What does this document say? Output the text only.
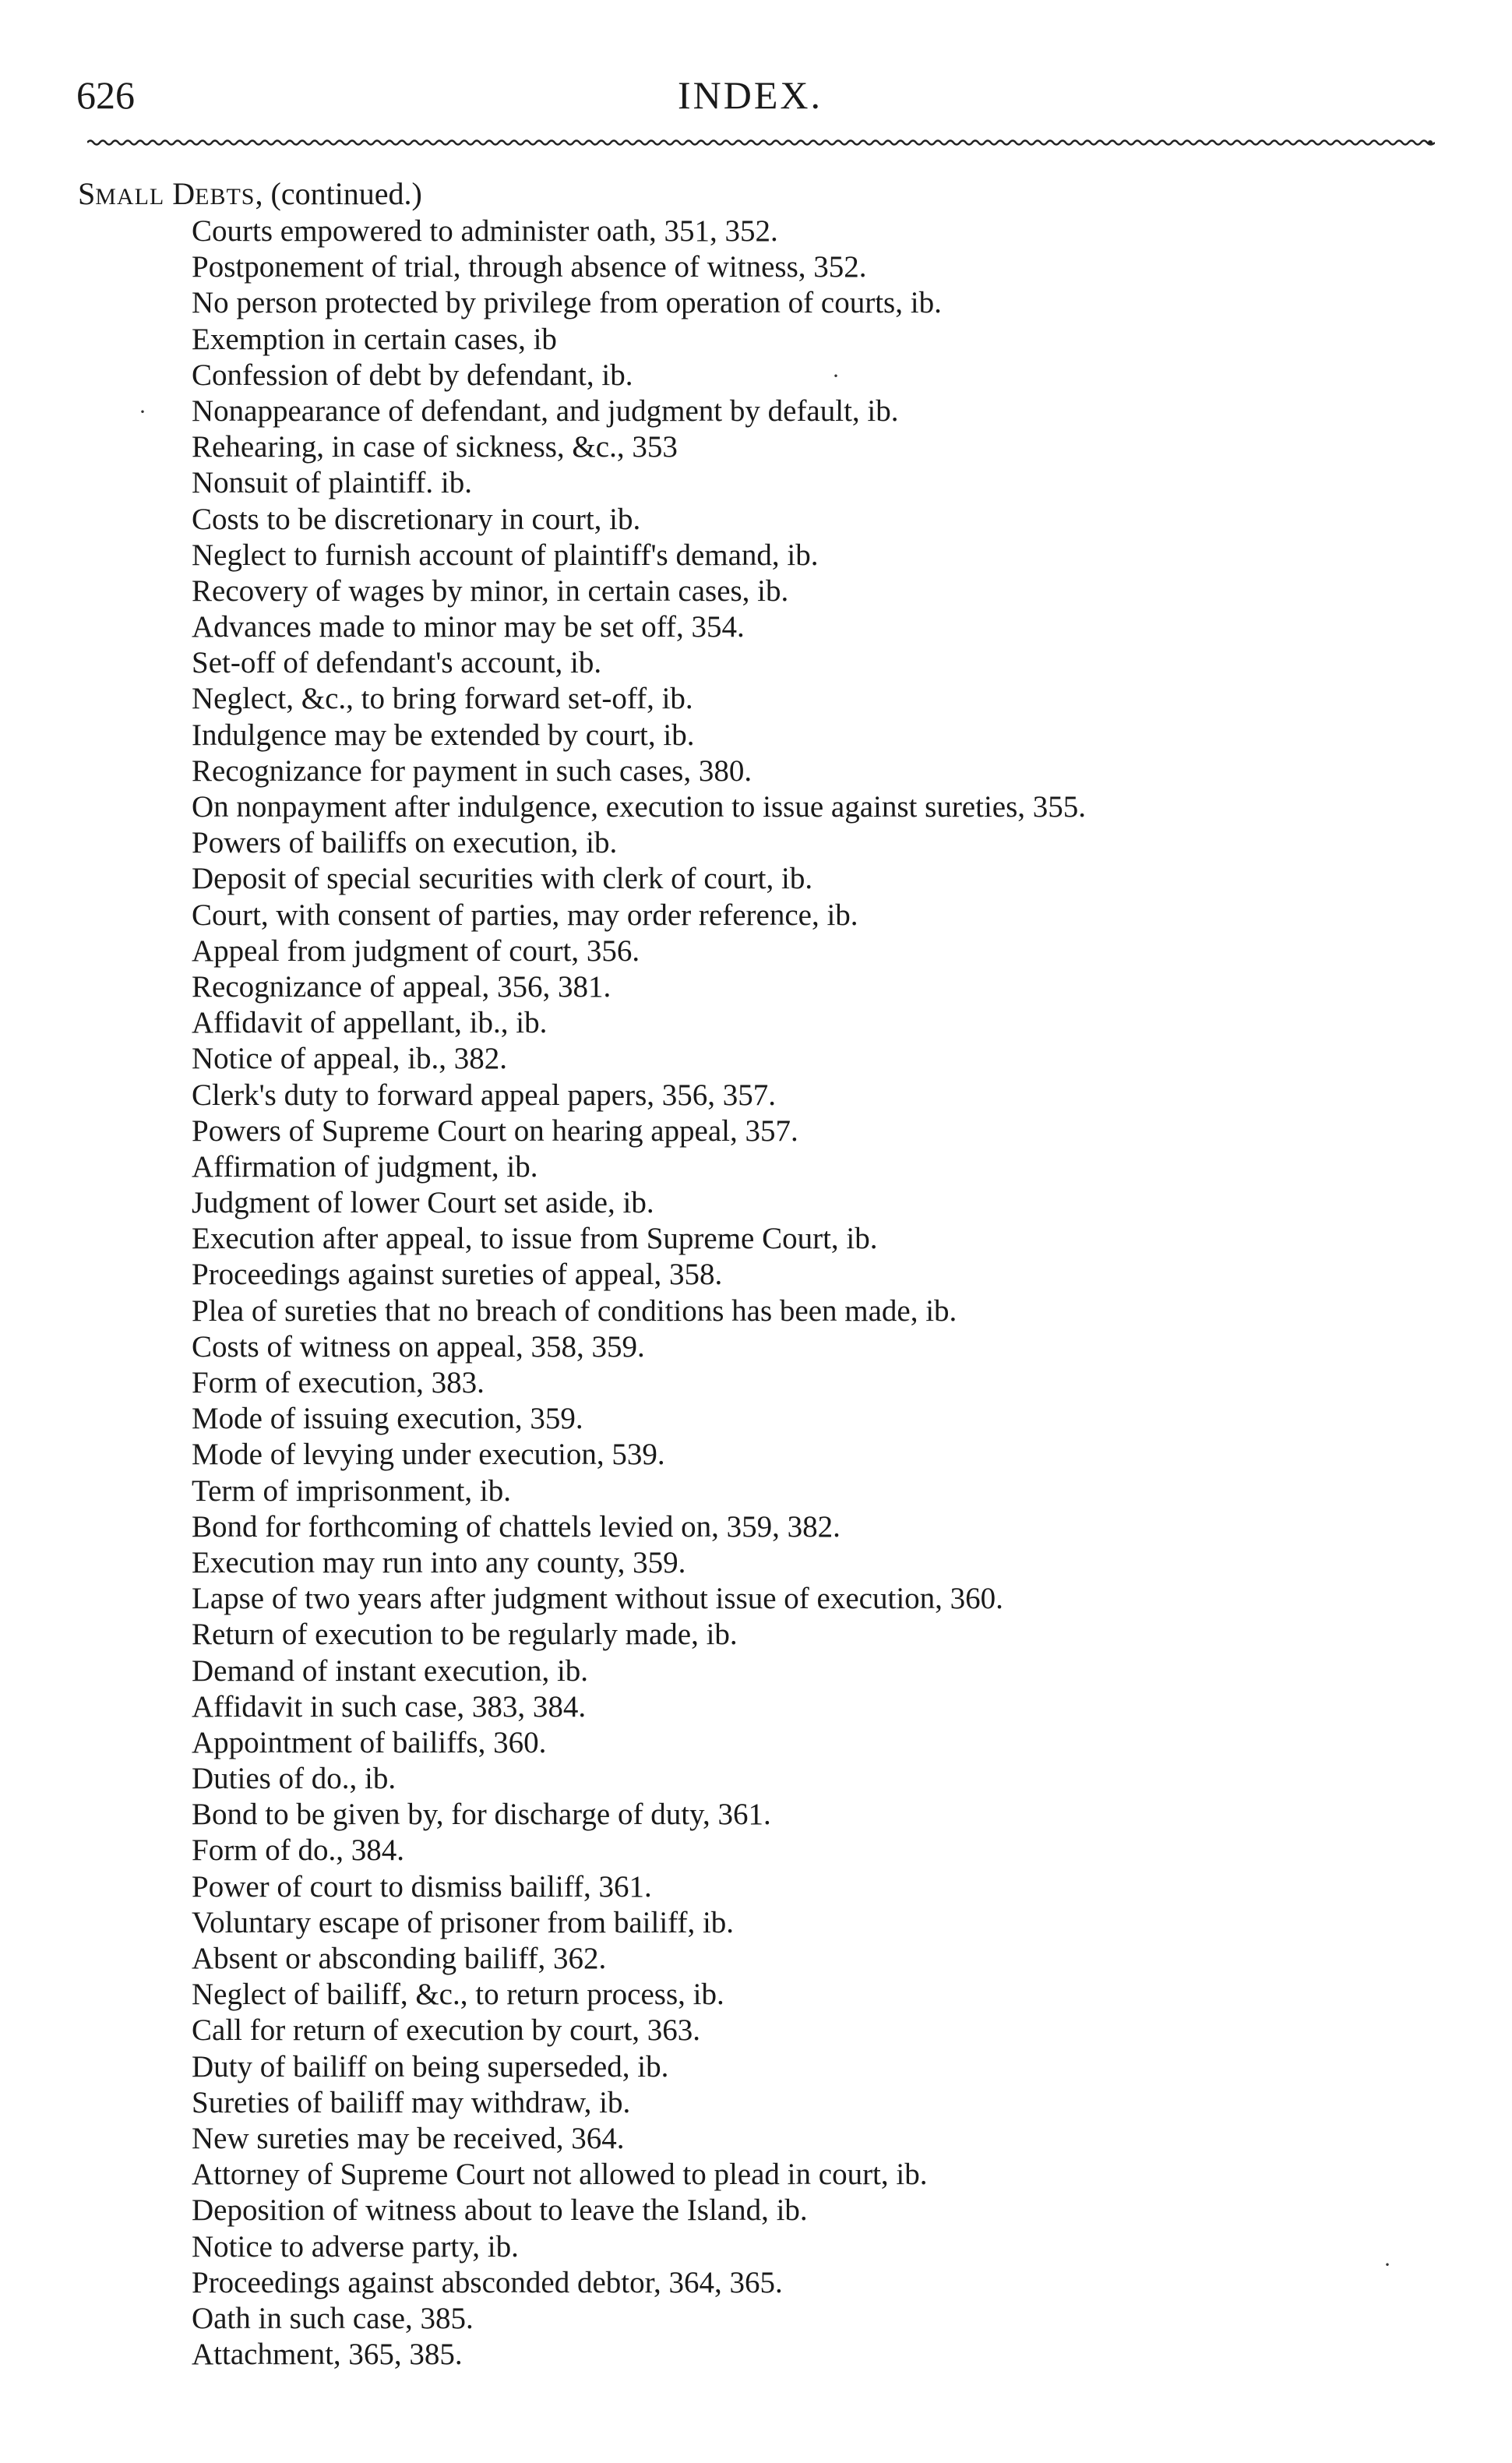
626	INDEX.
SMALL DEBTS, (continued.)
Courts empowered to administer oath, 351, 352.
Postponement of trial, through absence of witness, 352.
No person protected by privilege from operation of courts, ib.
Exemption in certain cases, ib
Confession of debt by defendant, ib.
Nonappearance of defendant, and judgment by default, ib.
Rehearing, in case of sickness, &c., 353
Nonsuit of plaintiff. ib.
Costs to be discretionary in court, ib.
Neglect to furnish account of plaintiff's demand, ib.
Recovery of wages by minor, in certain cases, ib.
Advances made to minor may be set off, 354.
Set-off of defendant's account, ib.
Neglect, &c., to bring forward set-off, ib.
Indulgence may be extended by court, ib.
Recognizance for payment in such cases, 380.
On nonpayment after indulgence, execution to issue against sureties, 355.
Powers of bailiffs on execution, ib.
Deposit of special securities with clerk of court, ib.
Court, with consent of parties, may order reference, ib.
Appeal from judgment of court, 356.
Recognizance of appeal, 356, 381.
Affidavit of appellant, ib., ib.
Notice of appeal, ib., 382.
Clerk's duty to forward appeal papers, 356, 357.
Powers of Supreme Court on hearing appeal, 357.
Affirmation of judgment, ib.
Judgment of lower Court set aside, ib.
Execution after appeal, to issue from Supreme Court, ib.
Proceedings against sureties of appeal, 358.
Plea of sureties that no breach of conditions has been made, ib.
Costs of witness on appeal, 358, 359.
Form of execution, 383.
Mode of issuing execution, 359.
Mode of levying under execution, 539.
Term of imprisonment, ib.
Bond for forthcoming of chattels levied on, 359, 382.
Execution may run into any county, 359.
Lapse of two years after judgment without issue of execution, 360.
Return of execution to be regularly made, ib.
Demand of instant execution, ib.
Affidavit in such case, 383, 384.
Appointment of bailiffs, 360.
Duties of do., ib.
Bond to be given by, for discharge of duty, 361.
Form of do., 384.
Power of court to dismiss bailiff, 361.
Voluntary escape of prisoner from bailiff, ib.
Absent or absconding bailiff, 362.
Neglect of bailiff, &c., to return process, ib.
Call for return of execution by court, 363.
Duty of bailiff on being superseded, ib.
Sureties of bailiff may withdraw, ib.
New sureties may be received, 364.
Attorney of Supreme Court not allowed to plead in court, ib.
Deposition of witness about to leave the Island, ib.
Notice to adverse party, ib.
Proceedings against absconded debtor, 364, 365.
Oath in such case, 385.
Attachment, 365, 385.
·
·
·
